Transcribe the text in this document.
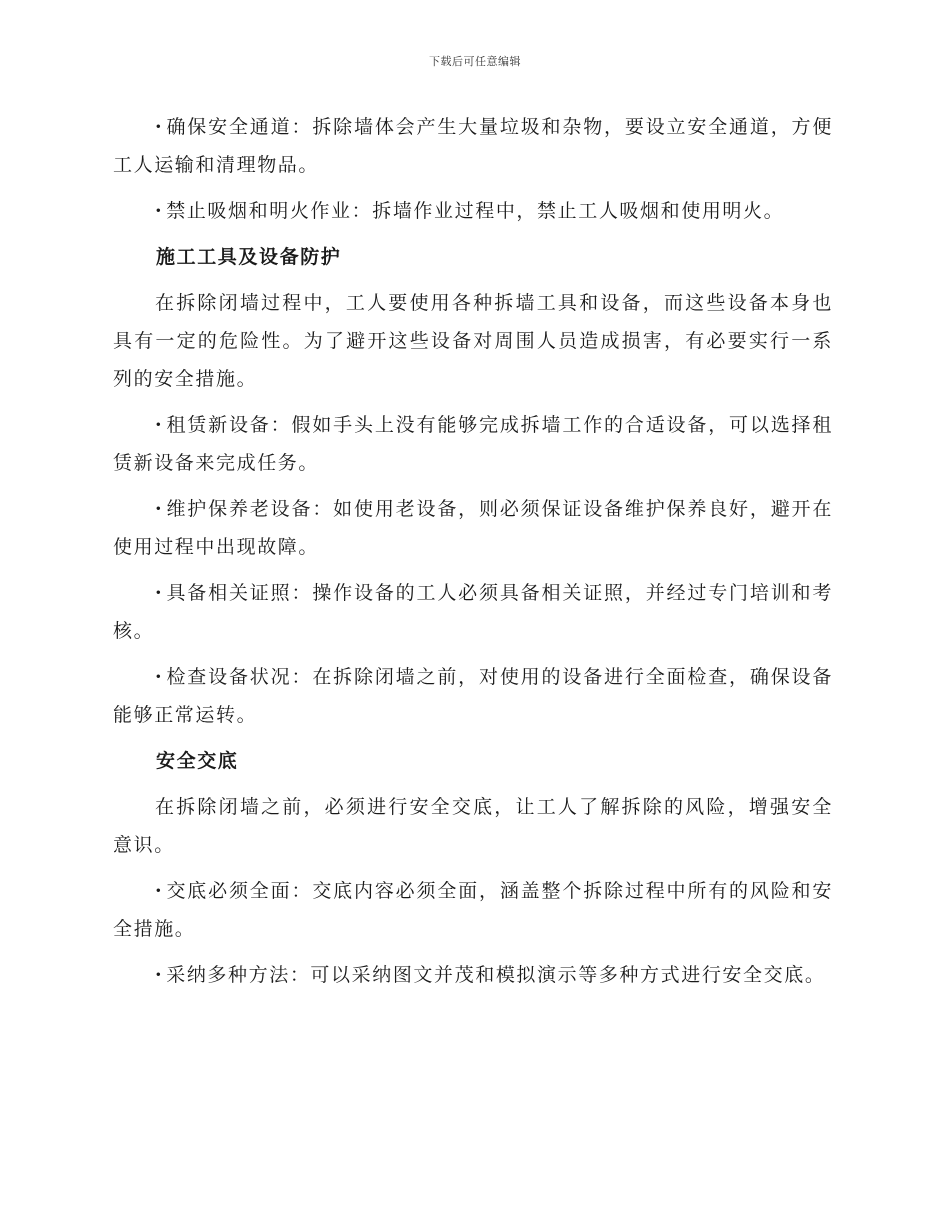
下载后可任意编辑

· 确保安全通道：拆除墙体会产生大量垃圾和杂物，要设立安全通道，方便工人运输和清理物品。

· 禁止吸烟和明火作业：拆墙作业过程中，禁止工人吸烟和使用明火。

施工工具及设备防护

在拆除闭墙过程中，工人要使用各种拆墙工具和设备，而这些设备本身也具有一定的危险性。为了避开这些设备对周围人员造成损害，有必要实行一系列的安全措施。

· 租赁新设备：假如手头上没有能够完成拆墙工作的合适设备，可以选择租赁新设备来完成任务。

· 维护保养老设备：如使用老设备，则必须保证设备维护保养良好，避开在使用过程中出现故障。

· 具备相关证照：操作设备的工人必须具备相关证照，并经过专门培训和考核。

· 检查设备状况：在拆除闭墙之前，对使用的设备进行全面检查，确保设备能够正常运转。

安全交底

在拆除闭墙之前，必须进行安全交底，让工人了解拆除的风险，增强安全意识。

· 交底必须全面：交底内容必须全面，涵盖整个拆除过程中所有的风险和安全措施。

· 采纳多种方法：可以采纳图文并茂和模拟演示等多种方式进行安全交底。
